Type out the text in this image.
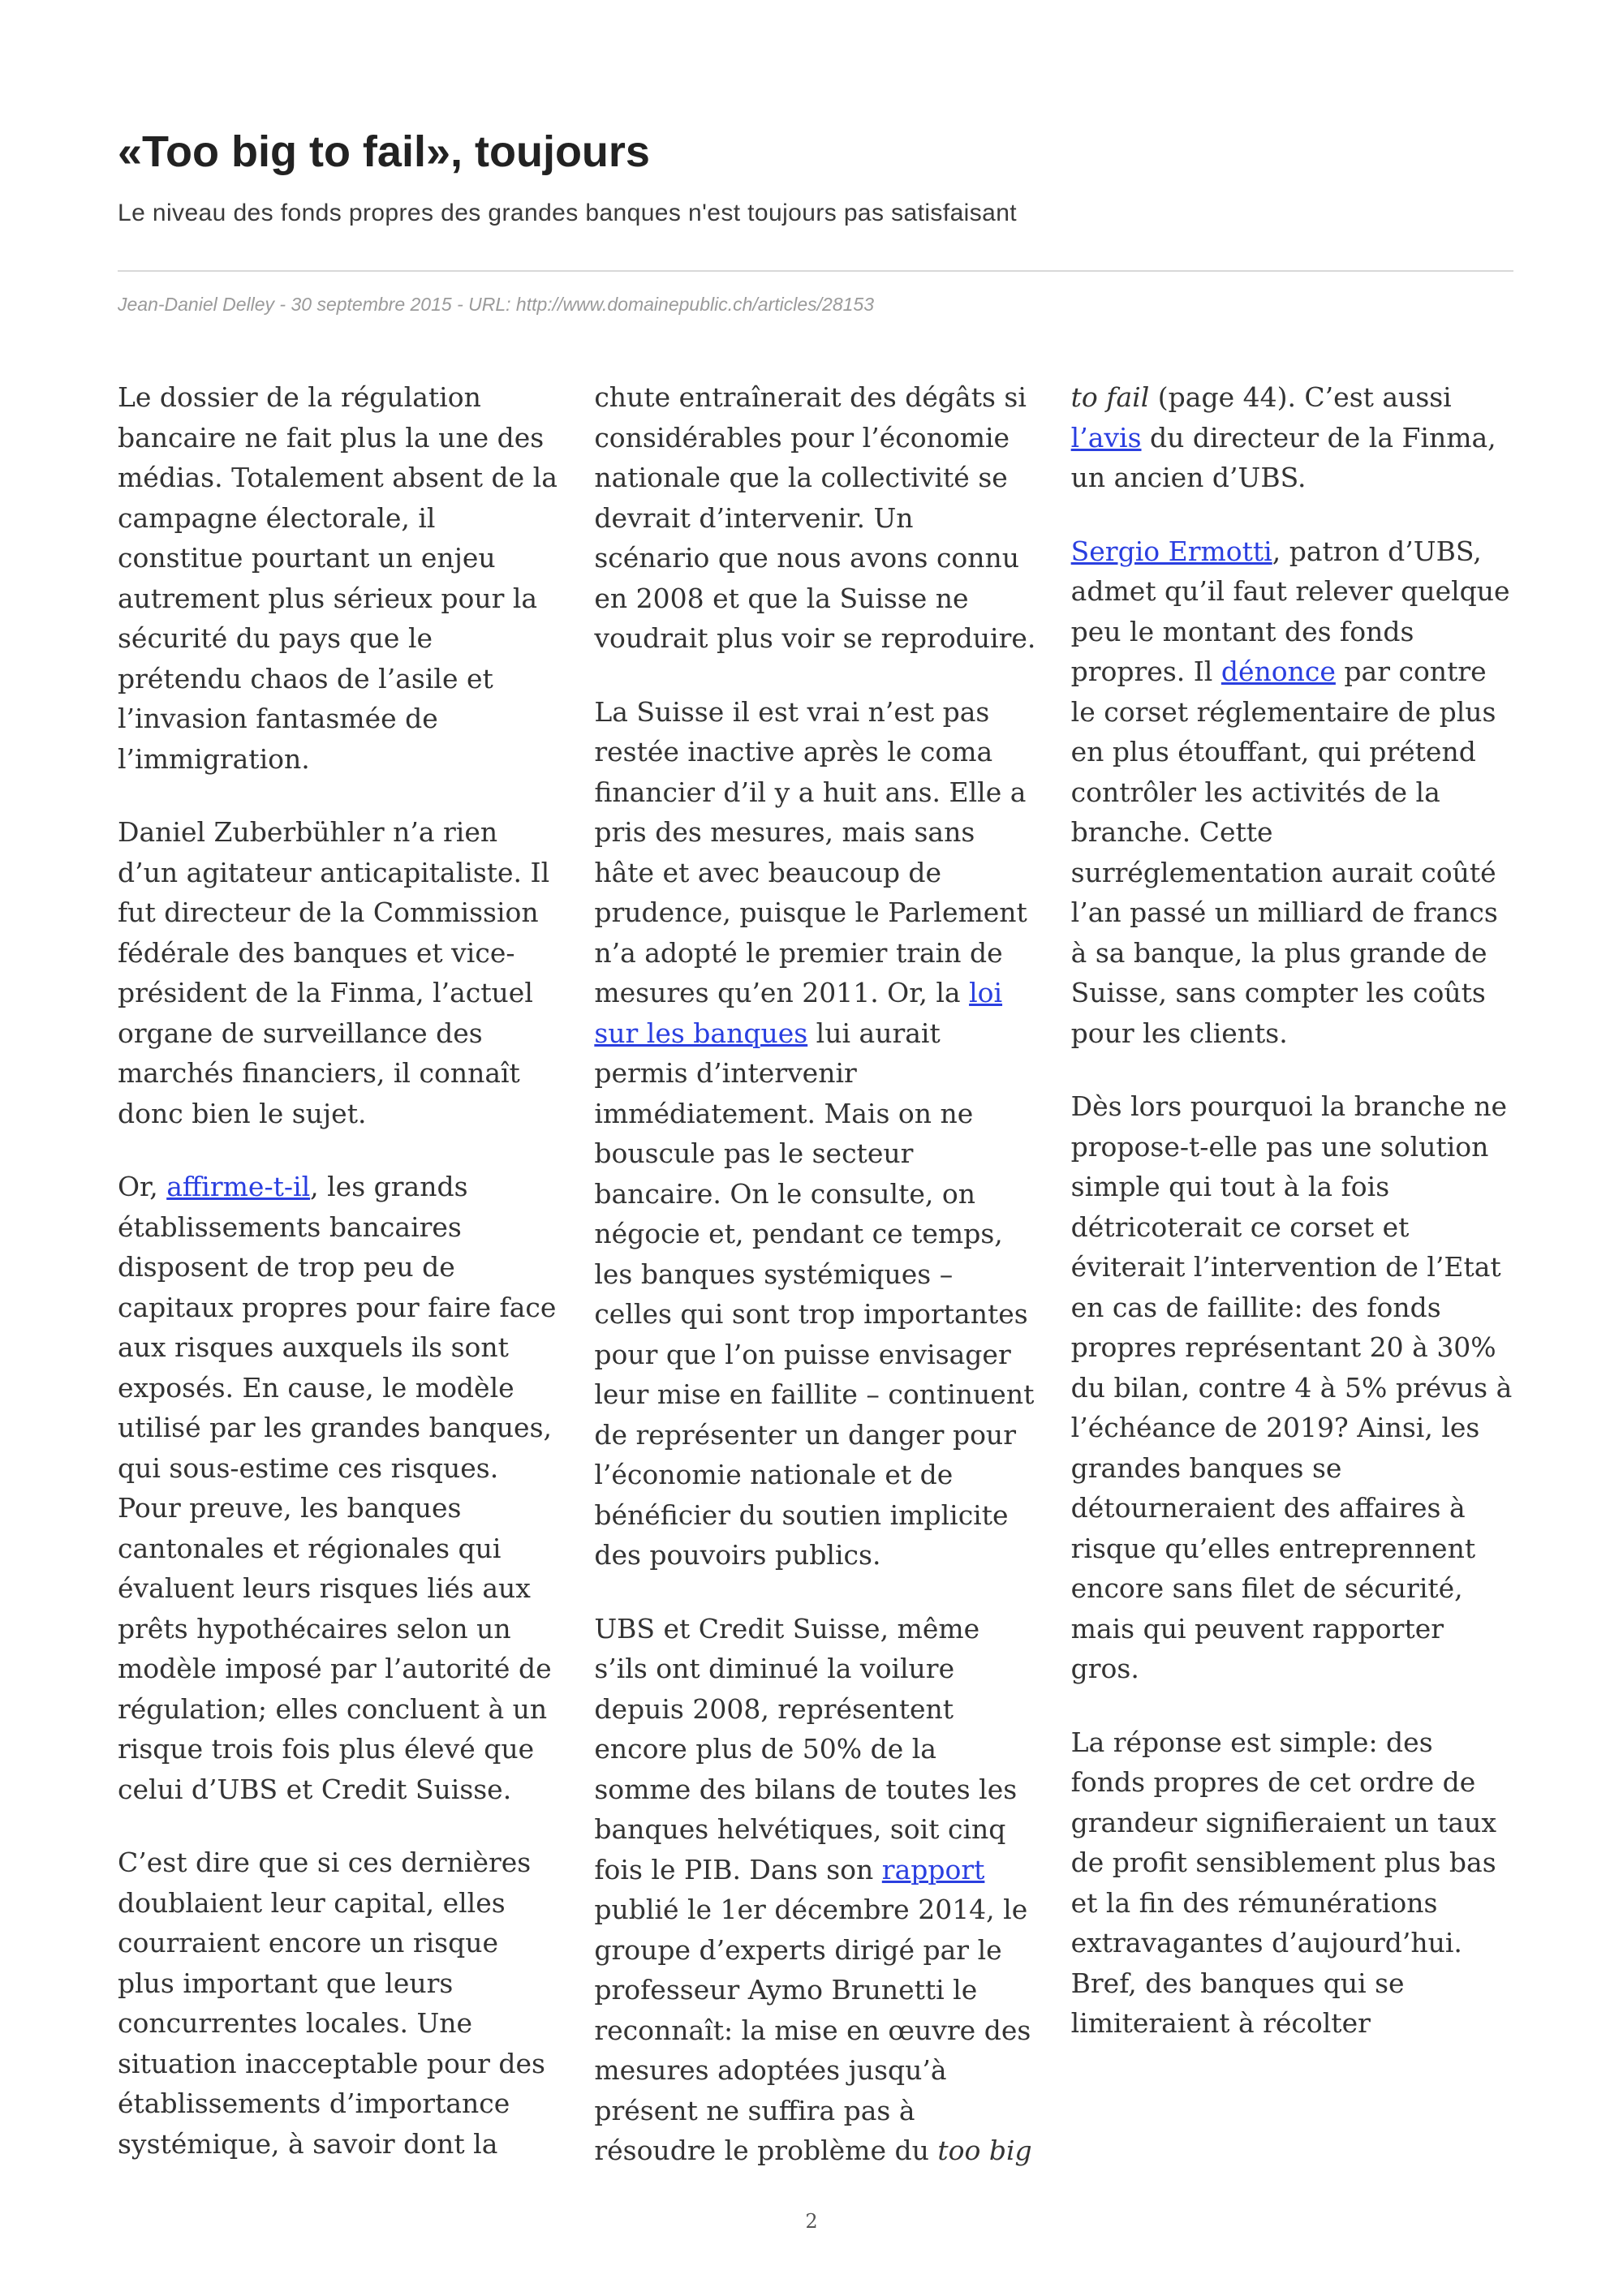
«Too big to fail», toujours

Le niveau des fonds propres des grandes banques n'est toujours pas satisfaisant

Jean-Daniel Delley - 30 septembre 2015 - URL: http://www.domainepublic.ch/articles/28153

Le dossier de la régulation bancaire ne fait plus la une des médias. Totalement absent de la campagne électorale, il constitue pourtant un enjeu autrement plus sérieux pour la sécurité du pays que le prétendu chaos de l’asile et l’invasion fantasmée de l’immigration.

Daniel Zuberbühler n’a rien d’un agitateur anticapitaliste. Il fut directeur de la Commission fédérale des banques et vice-président de la Finma, l’actuel organe de surveillance des marchés financiers, il connaît donc bien le sujet.

Or, affirme-t-il, les grands établissements bancaires disposent de trop peu de capitaux propres pour faire face aux risques auxquels ils sont exposés. En cause, le modèle utilisé par les grandes banques, qui sous-estime ces risques. Pour preuve, les banques cantonales et régionales qui évaluent leurs risques liés aux prêts hypothécaires selon un modèle imposé par l’autorité de régulation; elles concluent à un risque trois fois plus élevé que celui d’UBS et Credit Suisse.

C’est dire que si ces dernières doublaient leur capital, elles courraient encore un risque plus important que leurs concurrentes locales. Une situation inacceptable pour des établissements d’importance systémique, à savoir dont la chute entraînerait des dégâts si considérables pour l’économie nationale que la collectivité se devrait d’intervenir. Un scénario que nous avons connu en 2008 et que la Suisse ne voudrait plus voir se reproduire.

La Suisse il est vrai n’est pas restée inactive après le coma financier d’il y a huit ans. Elle a pris des mesures, mais sans hâte et avec beaucoup de prudence, puisque le Parlement n’a adopté le premier train de mesures qu’en 2011. Or, la loi sur les banques lui aurait permis d’intervenir immédiatement. Mais on ne bouscule pas le secteur bancaire. On le consulte, on négocie et, pendant ce temps, les banques systémiques – celles qui sont trop importantes pour que l’on puisse envisager leur mise en faillite – continuent de représenter un danger pour l’économie nationale et de bénéficier du soutien implicite des pouvoirs publics.

UBS et Credit Suisse, même s’ils ont diminué la voilure depuis 2008, représentent encore plus de 50% de la somme des bilans de toutes les banques helvétiques, soit cinq fois le PIB. Dans son rapport publié le 1er décembre 2014, le groupe d’experts dirigé par le professeur Aymo Brunetti le reconnaît: la mise en œuvre des mesures adoptées jusqu’à présent ne suffira pas à résoudre le problème du too big to fail (page 44). C’est aussi l’avis du directeur de la Finma, un ancien d’UBS.

Sergio Ermotti, patron d’UBS, admet qu’il faut relever quelque peu le montant des fonds propres. Il dénonce par contre le corset réglementaire de plus en plus étouffant, qui prétend contrôler les activités de la branche. Cette surréglementation aurait coûté l’an passé un milliard de francs à sa banque, la plus grande de Suisse, sans compter les coûts pour les clients.

Dès lors pourquoi la branche ne propose-t-elle pas une solution simple qui tout à la fois détricoterait ce corset et éviterait l’intervention de l’Etat en cas de faillite: des fonds propres représentant 20 à 30% du bilan, contre 4 à 5% prévus à l’échéance de 2019? Ainsi, les grandes banques se détourneraient des affaires à risque qu’elles entreprennent encore sans filet de sécurité, mais qui peuvent rapporter gros.

La réponse est simple: des fonds propres de cet ordre de grandeur signifieraient un taux de profit sensiblement plus bas et la fin des rémunérations extravagantes d’aujourd’hui. Bref, des banques qui se limiteraient à récolter

2
